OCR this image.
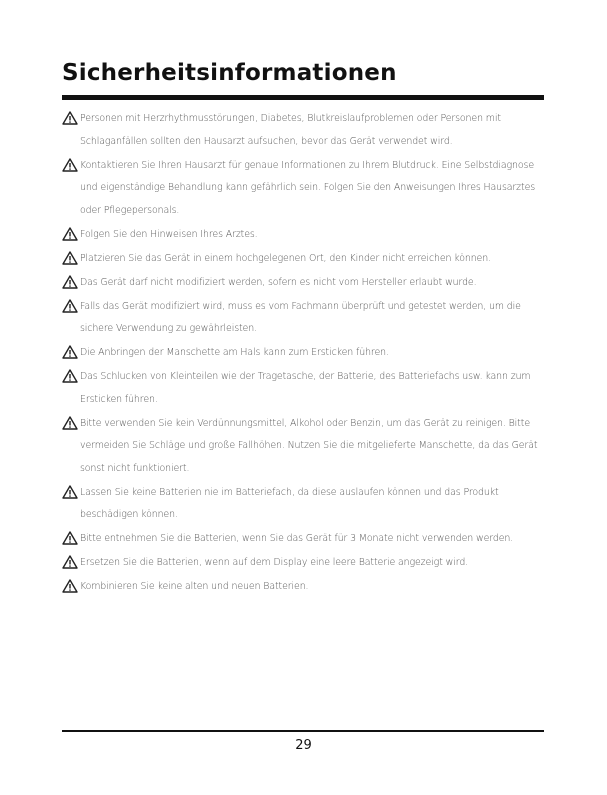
Sicherheitsinformationen
Personen mit Herzrhythmusstörungen, Diabetes, Blutkreislaufproblemen oder Personen mit Schlaganfällen sollten den Hausarzt aufsuchen, bevor das Gerät verwendet wird.
Kontaktieren Sie Ihren Hausarzt für genaue Informationen zu Ihrem Blutdruck. Eine Selbstdiagnose und eigenständige Behandlung kann gefährlich sein. Folgen Sie den Anweisungen Ihres Hausarztes oder Pflegepersonals.
Folgen Sie den Hinweisen Ihres Arztes.
Platzieren Sie das Gerät in einem hochgelegenen Ort, den Kinder nicht erreichen können.
Das Gerät darf nicht modifiziert werden, sofern es nicht vom Hersteller erlaubt wurde.
Falls das Gerät modifiziert wird, muss es vom Fachmann überprüft und getestet werden, um die sichere Verwendung zu gewährleisten.
Die Anbringen der Manschette am Hals kann zum Ersticken führen.
Das Schlucken von Kleinteilen wie der Tragetasche, der Batterie, des Batteriefachs usw. kann zum Ersticken führen.
Bitte verwenden Sie kein Verdünnungsmittel, Alkohol oder Benzin, um das Gerät zu reinigen. Bitte vermeiden Sie Schläge und große Fallhöhen. Nutzen Sie die mitgelieferte Manschette, da das Gerät sonst nicht funktioniert.
Lassen Sie keine Batterien nie im Batteriefach, da diese auslaufen können und das Produkt beschädigen können.
Bitte entnehmen Sie die Batterien, wenn Sie das Gerät für 3 Monate nicht verwenden werden.
Ersetzen Sie die Batterien, wenn auf dem Display eine leere Batterie angezeigt wird.
Kombinieren Sie keine alten und neuen Batterien.
29
